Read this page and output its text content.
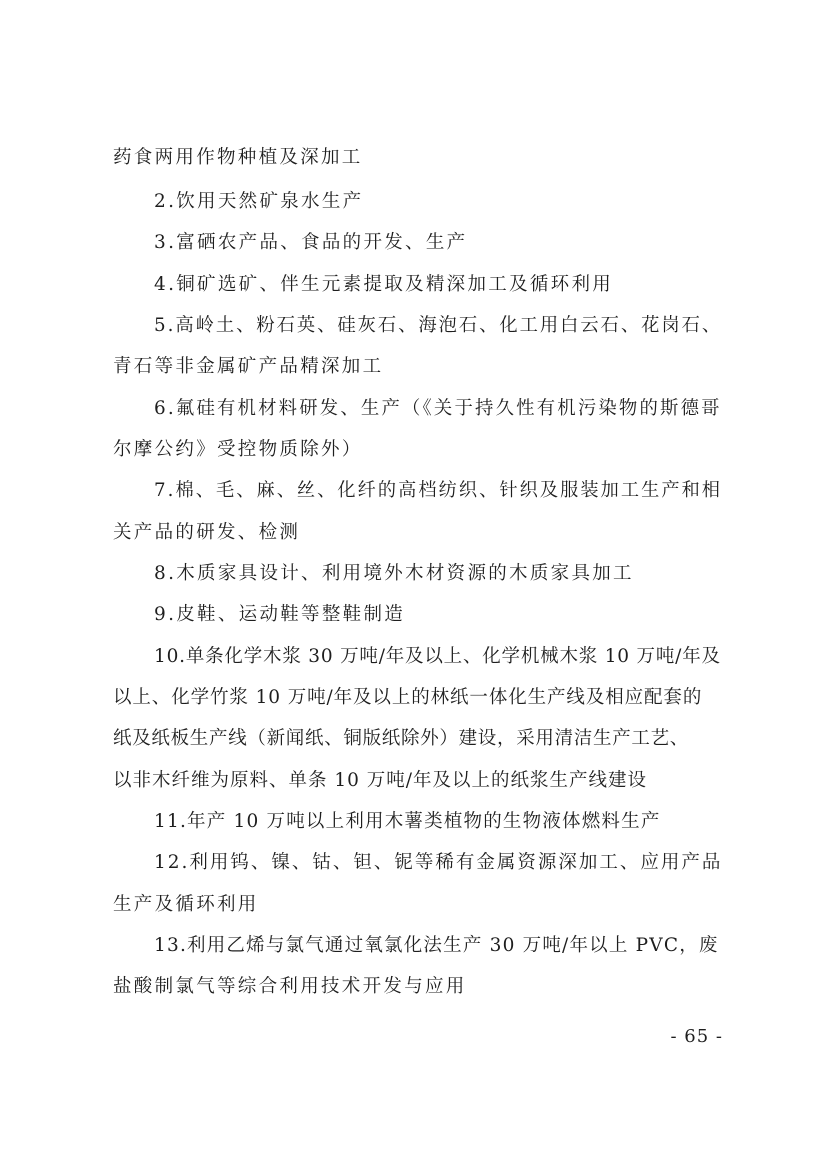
药食两用作物种植及深加工
2.饮用天然矿泉水生产
3.富硒农产品、食品的开发、生产
4.铜矿选矿、伴生元素提取及精深加工及循环利用
5.高岭土、粉石英、硅灰石、海泡石、化工用白云石、花岗石、
青石等非金属矿产品精深加工
6.氟硅有机材料研发、生产（《关于持久性有机污染物的斯德哥
尔摩公约》受控物质除外）
7.棉、毛、麻、丝、化纤的高档纺织、针织及服装加工生产和相
关产品的研发、检测
8.木质家具设计、利用境外木材资源的木质家具加工
9.皮鞋、运动鞋等整鞋制造
10.单条化学木浆 30 万吨/年及以上、化学机械木浆 10 万吨/年及
以上、化学竹浆 10 万吨/年及以上的林纸一体化生产线及相应配套的
纸及纸板生产线（新闻纸、铜版纸除外）建设，采用清洁生产工艺、
以非木纤维为原料、单条 10 万吨/年及以上的纸浆生产线建设
11.年产 10 万吨以上利用木薯类植物的生物液体燃料生产
12.利用钨、镍、钴、钽、铌等稀有金属资源深加工、应用产品
生产及循环利用
13.利用乙烯与氯气通过氧氯化法生产 30 万吨/年以上 PVC，废
盐酸制氯气等综合利用技术开发与应用
- 65 -
